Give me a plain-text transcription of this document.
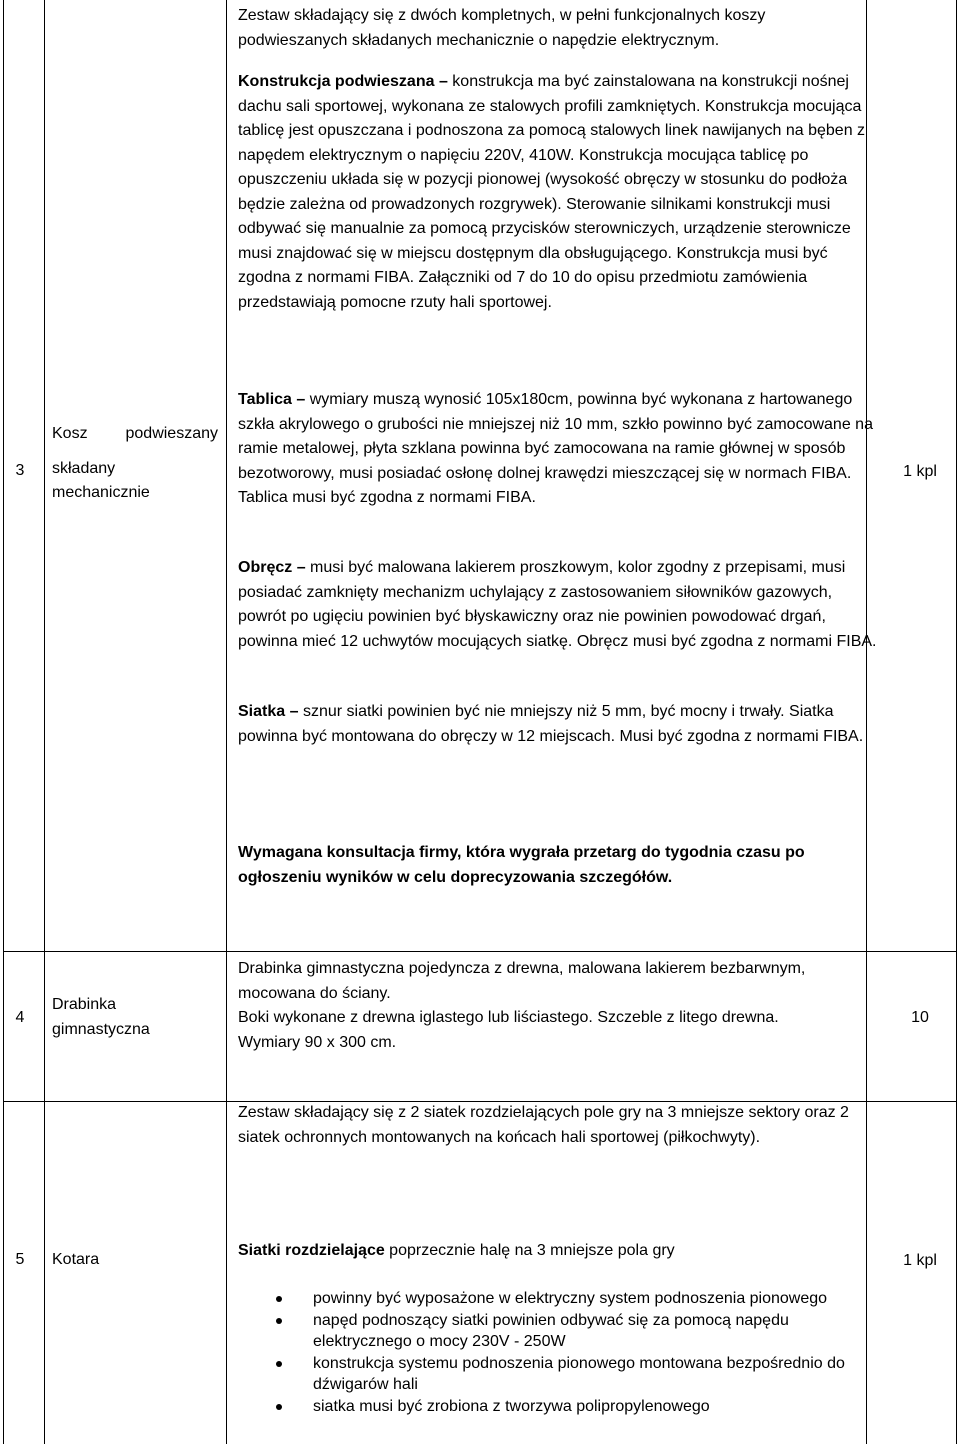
Zestaw składający się z dwóch kompletnych, w pełni funkcjonalnych koszy podwieszanych składanych mechanicznie o napędzie elektrycznym.

Konstrukcja podwieszana – konstrukcja ma być zainstalowana na konstrukcji nośnej dachu sali sportowej, wykonana ze stalowych profili zamkniętych. Konstrukcja mocująca tablicę jest opuszczana i podnoszona za pomocą stalowych linek nawijanych na bęben z napędem elektrycznym o napięciu 220V, 410W. Konstrukcja mocująca tablicę po opuszczeniu układa się w pozycji pionowej (wysokość obręczy w stosunku do podłoża będzie zależna od prowadzonych rozgrywek). Sterowanie silnikami konstrukcji musi odbywać się manualnie za pomocą przycisków sterowniczych, urządzenie sterownicze musi znajdować się w miejscu dostępnym dla obsługującego. Konstrukcja musi być zgodna z normami FIBA. Załączniki od 7 do 10 do opisu przedmiotu zamówienia przedstawiają pomocne rzuty hali sportowej.

3
Kosz podwieszany
składany
mechanicznie
1 kpl

Tablica – wymiary muszą wynosić 105x180cm, powinna być wykonana z hartowanego szkła akrylowego o grubości nie mniejszej niż 10 mm, szkło powinno być zamocowane na ramie metalowej, płyta szklana powinna być zamocowana na ramie głównej w sposób bezotworowy, musi posiadać osłonę dolnej krawędzi mieszczącej się w normach FIBA. Tablica musi być zgodna z normami FIBA.

Obręcz – musi być malowana lakierem proszkowym, kolor zgodny z przepisami, musi posiadać zamknięty mechanizm uchylający z zastosowaniem siłowników gazowych, powrót po ugięciu powinien być błyskawiczny oraz nie powinien powodować drgań, powinna mieć 12 uchwytów mocujących siatkę. Obręcz musi być zgodna z normami FIBA.

Siatka – sznur siatki powinien być nie mniejszy niż 5 mm, być mocny i trwały. Siatka powinna być montowana do obręczy w 12 miejscach. Musi być zgodna z normami FIBA.

Wymagana konsultacja firmy, która wygrała przetarg do tygodnia czasu po ogłoszeniu wyników w celu doprecyzowania szczegółów.

4
Drabinka gimnastyczna
10
Drabinka gimnastyczna pojedyncza z drewna, malowana lakierem bezbarwnym, mocowana do ściany.
Boki wykonane z drewna iglastego lub liściastego. Szczeble z litego drewna.
Wymiary 90 x 300 cm.
5	Kotara	1 kpl

Zestaw składający się z 2 siatek rozdzielających pole gry na 3 mniejsze sektory oraz 2 siatek ochronnych montowanych na końcach hali sportowej (piłkochwyty).

Siatki rozdzielające poprzecznie halę na 3 mniejsze pola gry

powinny być wyposażone w elektryczny system podnoszenia pionowego
napęd podnoszący siatki powinien odbywać się za pomocą napędu elektrycznego o mocy 230V - 250W
konstrukcja systemu podnoszenia pionowego montowana bezpośrednio do dźwigarów hali
siatka musi być zrobiona z tworzywa polipropylenowego
